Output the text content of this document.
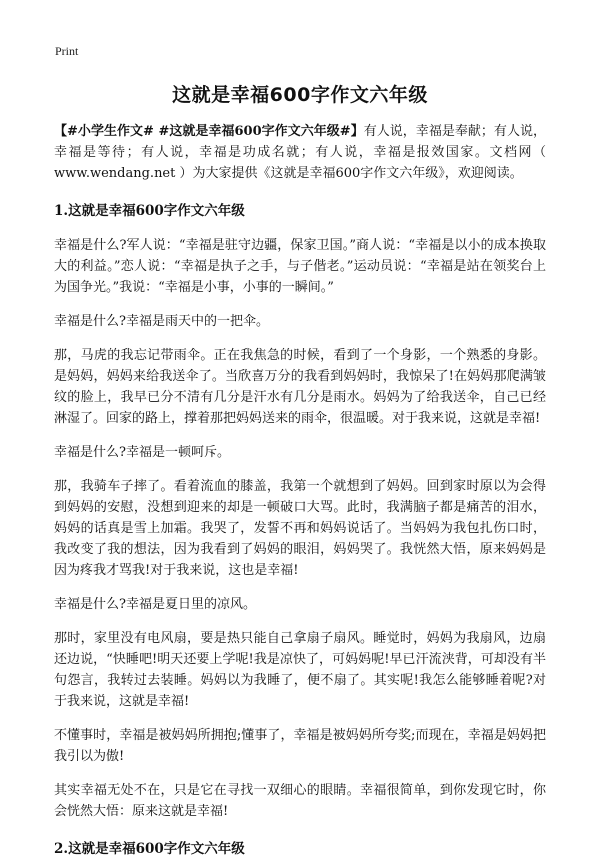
Print
这就是幸福600字作文六年级

【#小学生作文# #这就是幸福600字作文六年级#】有人说，幸福是奉献；有人说，幸福是等待；有人说，幸福是功成名就；有人说，幸福是报效国家。文档网（ www.wendang.net ）为大家提供《这就是幸福600字作文六年级》，欢迎阅读。

1.这就是幸福600字作文六年级

幸福是什么?军人说：“幸福是驻守边疆，保家卫国。”商人说：“幸福是以小的成本换取 大的利益。”恋人说：“幸福是执子之手，与子偕老。”运动员说：“幸福是站在领奖台上为国争光。”我说：“幸福是小事，小事的一瞬间。”

幸福是什么?幸福是雨天中的一把伞。

那，马虎的我忘记带雨伞。正在我焦急的时候，看到了一个身影，一个熟悉的身影。是妈妈，妈妈来给我送伞了。当欣喜万分的我看到妈妈时，我惊呆了!在妈妈那爬满皱纹的脸上，我早已分不清有几分是汗水有几分是雨水。妈妈为了给我送伞，自己已经淋湿了。回家的路上，撑着那把妈妈送来的雨伞，很温暖。对于我来说，这就是幸福!

幸福是什么?幸福是一顿呵斥。

那，我骑车子摔了。看着流血的膝盖，我第一个就想到了妈妈。回到家时原以为会得到妈妈的安慰，没想到迎来的却是一顿破口大骂。此时，我满脑子都是痛苦的泪水，妈妈的话真是雪上加霜。我哭了，发誓不再和妈妈说话了。当妈妈为我包扎伤口时，我改变了我的想法，因为我看到了妈妈的眼泪，妈妈哭了。我恍然大悟，原来妈妈是因为疼我才骂我!对于我来说，这也是幸福!

幸福是什么?幸福是夏日里的凉风。

那时，家里没有电风扇，要是热只能自己拿扇子扇风。睡觉时，妈妈为我扇风，边扇还边说，“快睡吧!明天还要上学呢!我是凉快了，可妈妈呢!早已汗流浃背，可却没有半句怨言，我转过去装睡。妈妈以为我睡了，便不扇了。其实呢!我怎么能够睡着呢?对于我来说，这就是幸福!

不懂事时，幸福是被妈妈所拥抱;懂事了，幸福是被妈妈所夸奖;而现在，幸福是妈妈把我引以为傲!

其实幸福无处不在，只是它在寻找一双细心的眼睛。幸福很简单，到你发现它时，你会恍然大悟：原来这就是幸福!

2.这就是幸福600字作文六年级
